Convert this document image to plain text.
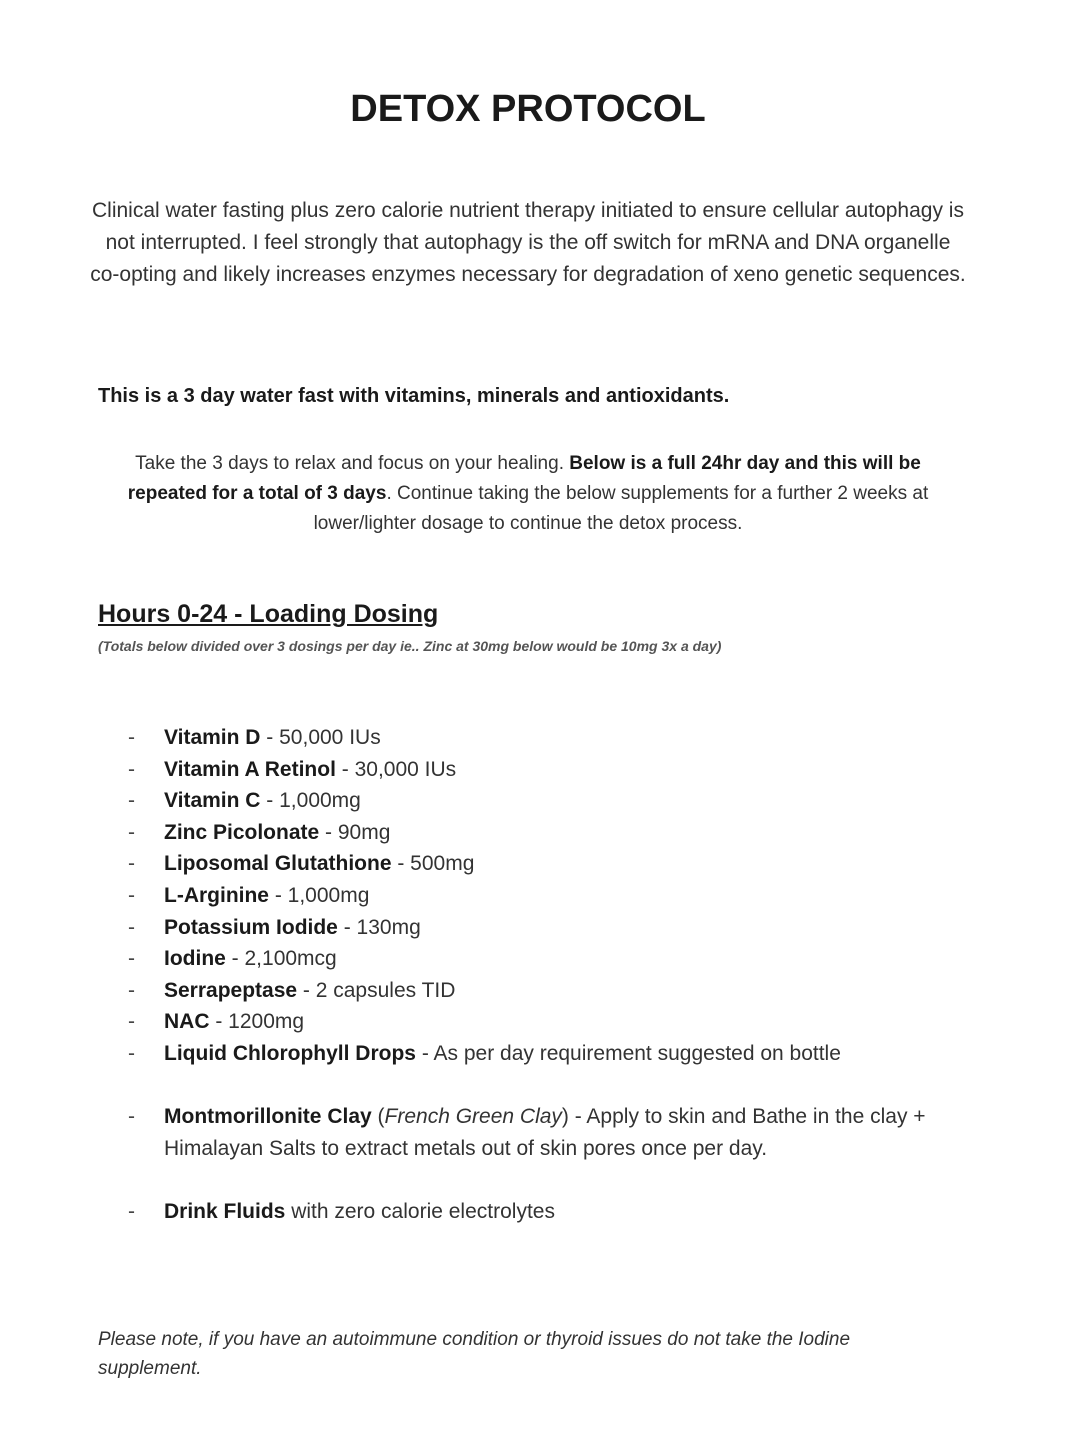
DETOX PROTOCOL

Clinical water fasting plus zero calorie nutrient therapy initiated to ensure cellular autophagy is not interrupted. I feel strongly that autophagy is the off switch for mRNA and DNA organelle co-opting and likely increases enzymes necessary for degradation of xeno genetic sequences.

This is a 3 day water fast with vitamins, minerals and antioxidants.

Take the 3 days to relax and focus on your healing. Below is a full 24hr day and this will be repeated for a total of 3 days. Continue taking the below supplements for a further 2 weeks at lower/lighter dosage to continue the detox process.

Hours 0-24 - Loading Dosing

(Totals below divided over 3 dosings per day ie.. Zinc at 30mg below would be 10mg 3x a day)

-	Vitamin D - 50,000 IUs
-	Vitamin A Retinol - 30,000 IUs
-	Vitamin C - 1,000mg
-	Zinc Picolonate - 90mg
-	Liposomal Glutathione - 500mg
-	L-Arginine - 1,000mg
-	Potassium Iodide - 130mg
-	Iodine - 2,100mcg
-	Serrapeptase - 2 capsules TID
-	NAC - 1200mg
-	Liquid Chlorophyll Drops - As per day requirement suggested on bottle
-	Montmorillonite Clay (French Green Clay) - Apply to skin and Bathe in the clay + Himalayan Salts to extract metals out of skin pores once per day.
-	Drink Fluids with zero calorie electrolytes

Please note, if you have an autoimmune condition or thyroid issues do not take the Iodine supplement.
